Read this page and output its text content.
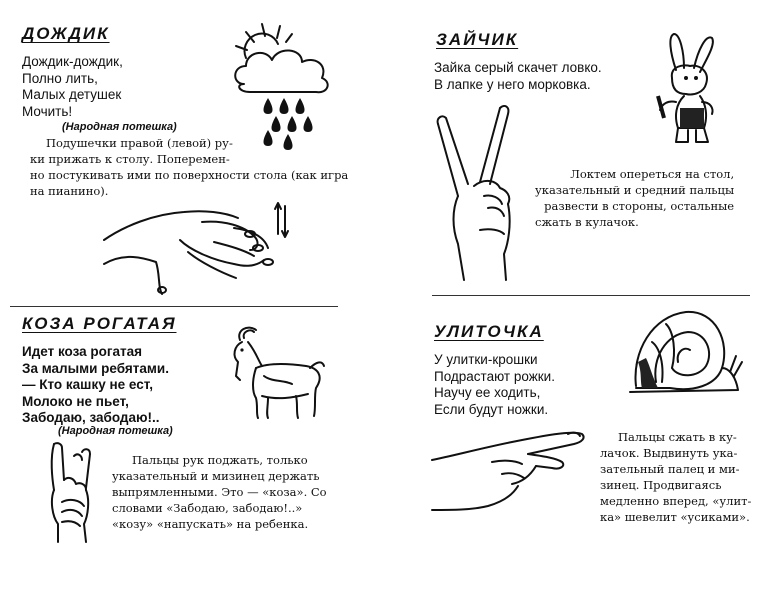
ДОЖДИК
Дождик-дождик,
Полно лить,
Малых детушек
Мочить!
(Народная потешка)
Подушечки правой (левой) ру-
ки прижать к столу. Поперемен-
но постукивать ими по поверхности стола (как игра
на пианино).
КОЗА РОГАТАЯ
Идет коза рогатая
За малыми ребятами.
— Кто кашку не ест,
Молоко не пьет,
Забодаю, забодаю!..
(Народная потешка)
Пальцы рук поджать, только
указательный и мизинец держать
выпрямленными. Это — «коза». Со
словами «Забодаю, забодаю!..»
«козу» «напускать» на ребенка.
ЗАЙЧИК
Зайка серый скачет ловко.
В лапке у него морковка.
Локтем опереться на стол,
указательный и средний пальцы
развести в стороны, остальные
сжать в кулачок.
УЛИТОЧКА
У улитки-крошки
Подрастают рожки.
Научу ее ходить,
Если будут ножки.
Пальцы сжать в ку-
лачок. Выдвинуть ука-
зательный палец и ми-
зинец. Продвигаясь
медленно вперед, «улит-
ка» шевелит «усиками».
